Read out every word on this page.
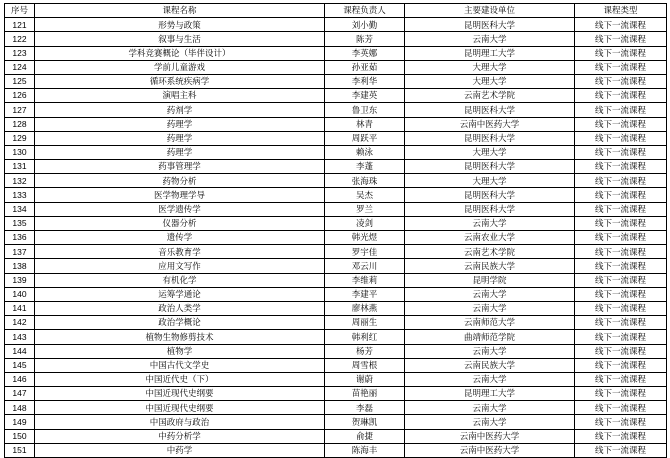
序号	课程名称	课程负责人	主要建设单位	课程类型
121	形势与政策	刘小勤	昆明医科大学	线下一流课程
122	叙事与生活	陈芳	云南大学	线下一流课程
123	学科竞赛概论（毕伴设计）	李英娜	昆明理工大学	线下一流课程
124	学前儿童游戏	孙亚茹	大理大学	线下一流课程
125	循环系统疾病学	李利华	大理大学	线下一流课程
126	演唱主科	李建英	云南艺术学院	线下一流课程
127	药剂学	鲁卫东	昆明医科大学	线下一流课程
128	药理学	林青	云南中医药大学	线下一流课程
129	药理学	周跃平	昆明医科大学	线下一流课程
130	药理学	赖泳	大理大学	线下一流课程
131	药事管理学	李蓬	昆明医科大学	线下一流课程
132	药物分析	张海珠	大理大学	线下一流课程
133	医学物理学导	吴杰	昆明医科大学	线下一流课程
134	医学遗传学	罗兰	昆明医科大学	线下一流课程
135	仪器分析	凌剑	云南大学	线下一流课程
136	遗传学	韩光煜	云南农业大学	线下一流课程
137	音乐教育学	罗宇佳	云南艺术学院	线下一流课程
138	应用文写作	邓云川	云南民族大学	线下一流课程
139	有机化学	李维莉	昆明学院	线下一流课程
140	运筹学通论	李建平	云南大学	线下一流课程
141	政治人类学	廖林燕	云南大学	线下一流课程
142	政治学概论	周丽生	云南师范大学	线下一流课程
143	植物生物修剪技术	韩利红	曲靖师范学院	线下一流课程
144	植物学	杨芳	云南大学	线下一流课程
145	中国古代文学史	周雪根	云南民族大学	线下一流课程
146	中国近代史（下）	谢蔚	云南大学	线下一流课程
147	中国近现代史纲要	苗艳丽	昆明理工大学	线下一流课程
148	中国近现代史纲要	李磊	云南大学	线下一流课程
149	中国政府与政治	贺琳凯	云南大学	线下一流课程
150	中药分析学	俞捷	云南中医药大学	线下一流课程
151	中药学	陈海丰	云南中医药大学	线下一流课程
